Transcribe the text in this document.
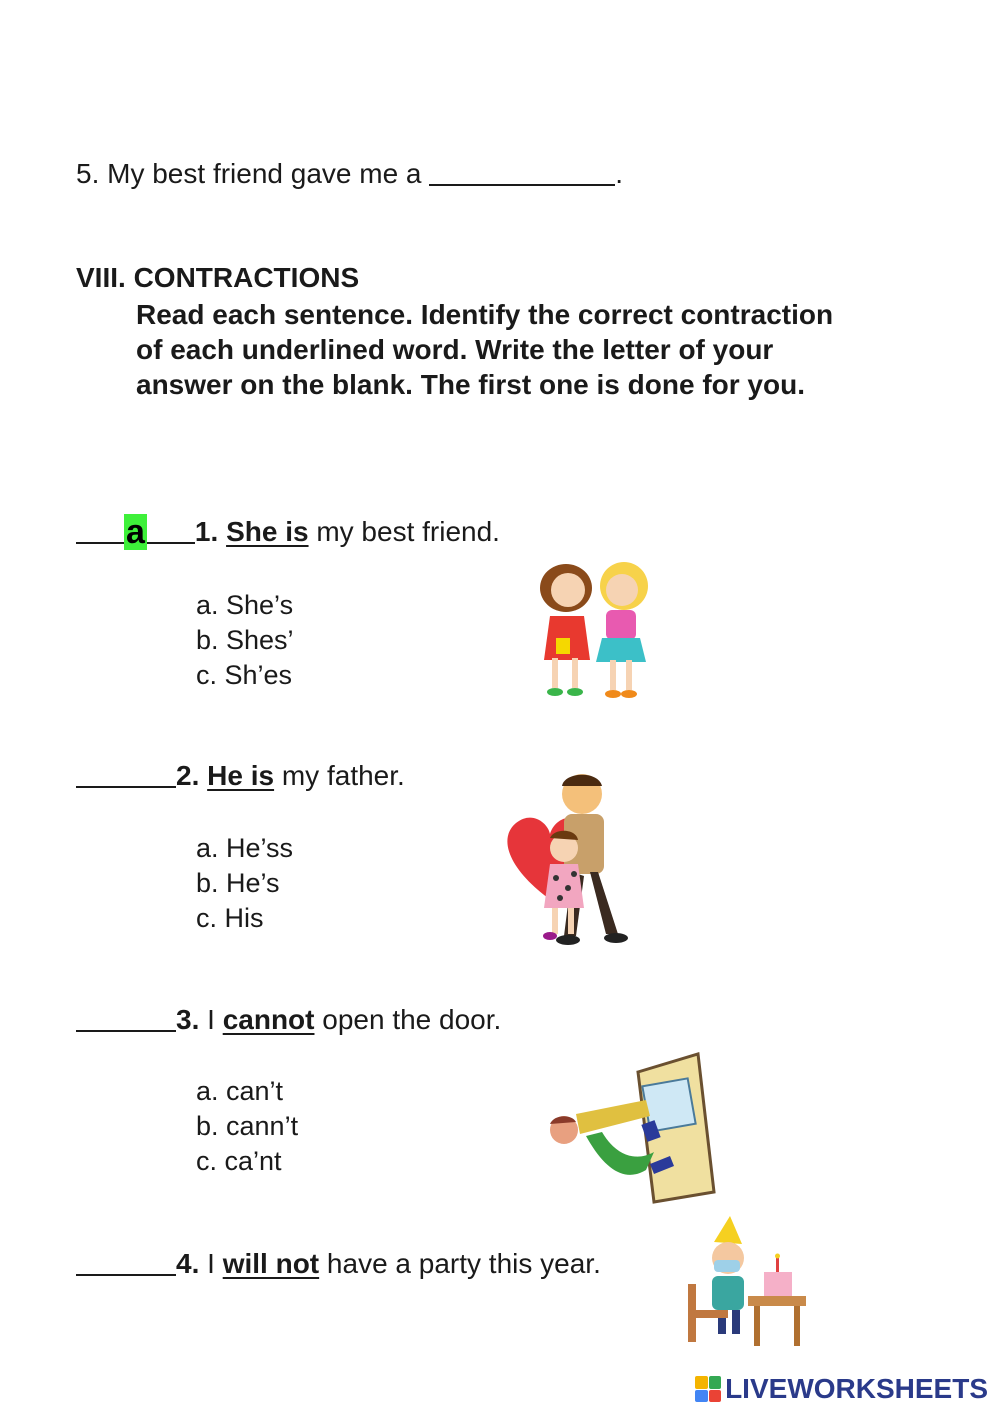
5. My best friend gave me a	.
VIII. CONTRACTIONS
Read each sentence. Identify the correct contraction of each underlined word. Write the letter of your answer on the blank. The first one is done for you.
a 1. She is my best friend.
a. She’s
b. Shes’
c. Sh’es
2. He is my father.
a. He’ss
b. He’s
c. His
3. I cannot open the door.
a. can’t
b. cann’t
c. ca’nt
4. I will not have a party this year.
LIVEWORKSHEETS
